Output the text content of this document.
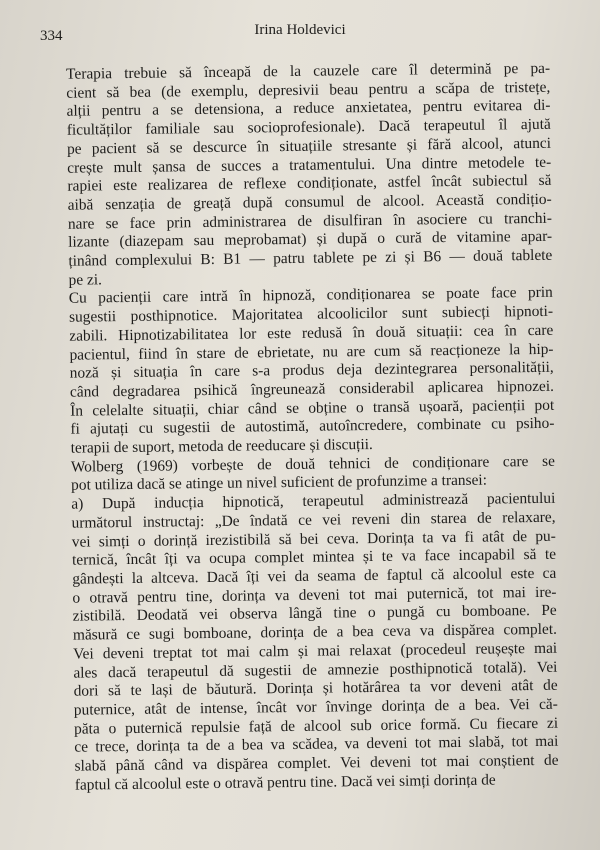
334	Irina Holdevici

Terapia trebuie să înceapă de la cauzele care îl determină pe pa-
cient să bea (de exemplu, depresivii beau pentru a scăpa de tristețe,
alții pentru a se detensiona, a reduce anxietatea, pentru evitarea di-
ficultăților familiale sau socioprofesionale). Dacă terapeutul îl ajută
pe pacient să se descurce în situațiile stresante și fără alcool, atunci
crește mult șansa de succes a tratamentului. Una dintre metodele te-
rapiei este realizarea de reflexe condiționate, astfel încât subiectul să
aibă senzația de greață după consumul de alcool. Această condițio-
nare se face prin administrarea de disulfiran în asociere cu tranchi-
lizante (diazepam sau meprobamat) și după o cură de vitamine apar-
ținând complexului B: B1 — patru tablete pe zi și B6 — două tablete
pe zi.

Cu pacienții care intră în hipnoză, condiționarea se poate face prin
sugestii posthipnotice. Majoritatea alcoolicilor sunt subiecți hipnoti-
zabili. Hipnotizabilitatea lor este redusă în două situații: cea în care
pacientul, fiind în stare de ebrietate, nu are cum să reacționeze la hip-
noză și situația în care s-a produs deja dezintegrarea personalității,
când degradarea psihică îngreunează considerabil aplicarea hipnozei.
În celelalte situații, chiar când se obține o transă ușoară, pacienții pot
fi ajutați cu sugestii de autostimă, autoîncredere, combinate cu psiho-
terapii de suport, metoda de reeducare și discuții.

Wolberg (1969) vorbește de două tehnici de condiționare care se
pot utiliza dacă se atinge un nivel suficient de profunzime a transei:

a) După inducția hipnotică, terapeutul administrează pacientului
următorul instructaj: „De îndată ce vei reveni din starea de relaxare,
vei simți o dorință irezistibilă să bei ceva. Dorința ta va fi atât de pu-
ternică, încât îți va ocupa complet mintea și te va face incapabil să te
gândești la altceva. Dacă îți vei da seama de faptul că alcoolul este ca
o otravă pentru tine, dorința va deveni tot mai puternică, tot mai ire-
zistibilă. Deodată vei observa lângă tine o pungă cu bomboane. Pe
măsură ce sugi bomboane, dorința de a bea ceva va dispărea complet.
Vei deveni treptat tot mai calm și mai relaxat (procedeul reușește mai
ales dacă terapeutul dă sugestii de amnezie posthipnotică totală). Vei
dori să te lași de băutură. Dorința și hotărârea ta vor deveni atât de
puternice, atât de intense, încât vor învinge dorința de a bea. Vei că-
păta o puternică repulsie față de alcool sub orice formă. Cu fiecare zi
ce trece, dorința ta de a bea va scădea, va deveni tot mai slabă, tot mai
slabă până când va dispărea complet. Vei deveni tot mai conștient de
faptul că alcoolul este o otravă pentru tine. Dacă vei simți dorința de
